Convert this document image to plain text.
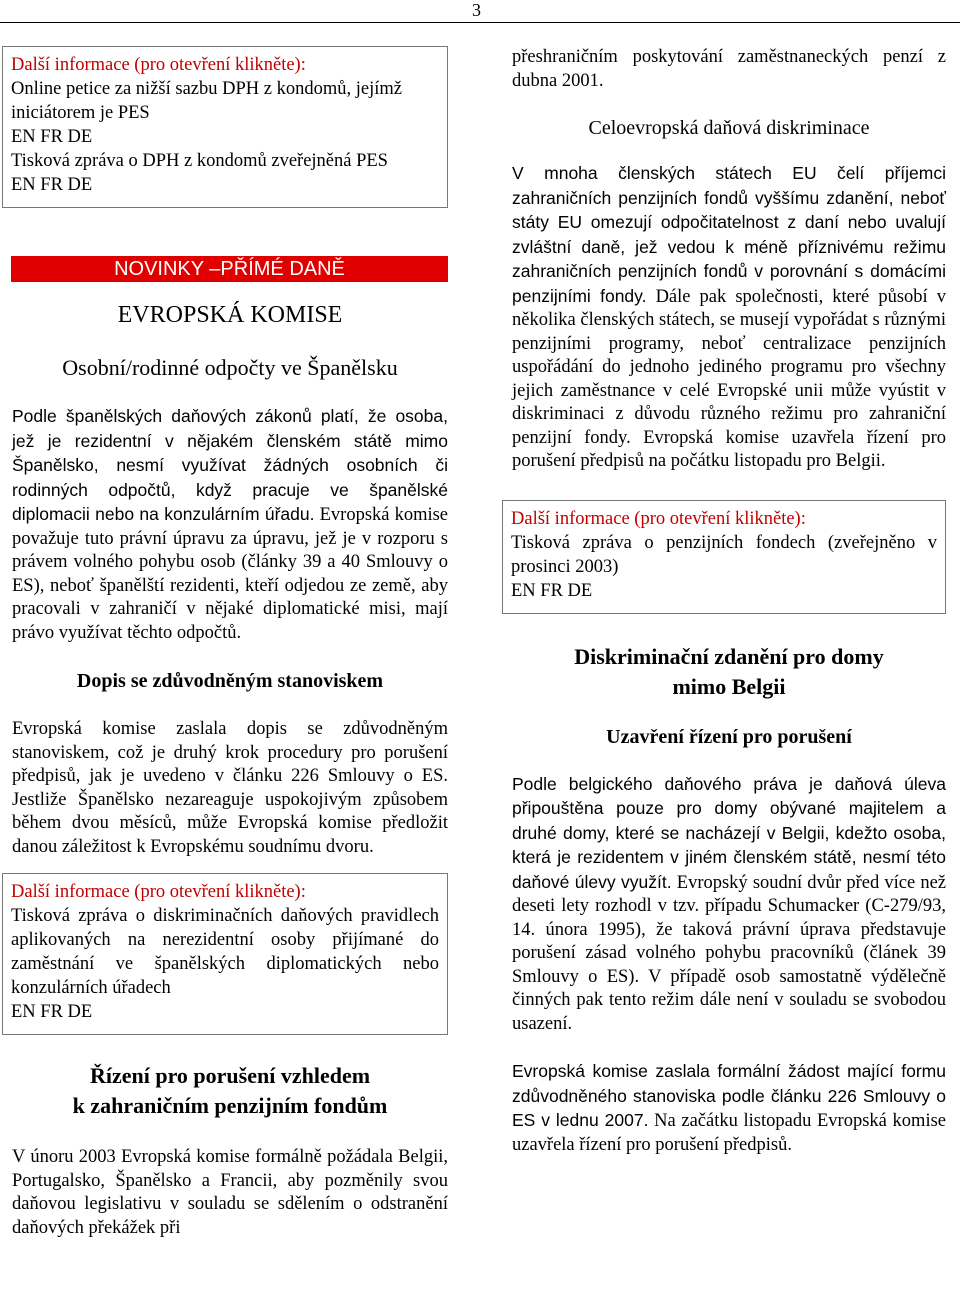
3
Další informace (pro otevření klikněte):
Online petice za nižší sazbu DPH z kondomů, jejímž iniciátorem je PES
EN FR DE
Tisková zpráva o DPH z kondomů zveřejněná PES
EN FR DE
NOVINKY –PŘÍMÉ DANĚ
EVROPSKÁ KOMISE
Osobní/rodinné odpočty ve Španělsku

Podle španělských daňových zákonů platí, že osoba, jež je rezidentní v nějakém členském státě mimo Španělsko, nesmí využívat žádných osobních či rodinných odpočtů, když pracuje ve španělské diplomacii nebo na konzulárním úřadu. Evropská komise považuje tuto právní úpravu za úpravu, jež je v rozporu s právem volného pohybu osob (články 39 a 40 Smlouvy o ES), neboť španělští rezidenti, kteří odjedou ze země, aby pracovali v zahraničí v nějaké diplomatické misi, mají právo využívat těchto odpočtů.

Dopis se zdůvodněným stanoviskem

Evropská komise zaslala dopis se zdůvodněným stanoviskem, což je druhý krok procedury pro porušení předpisů, jak je uvedeno v článku 226 Smlouvy o ES. Jestliže Španělsko nezareaguje uspokojivým způsobem během dvou měsíců, může Evropská komise předložit danou záležitost k Evropskému soudnímu dvoru.

Další informace (pro otevření klikněte):
Tisková zpráva o diskriminačních daňových pravidlech aplikovaných na nerezidentní osoby přijímané do zaměstnání ve španělských diplomatických nebo konzulárních úřadech
EN FR DE
Řízení pro porušení vzhledem
k zahraničním penzijním fondům

V únoru 2003 Evropská komise formálně požádala Belgii, Portugalsko, Španělsko a Francii, aby pozměnily svou daňovou legislativu v souladu se sdělením o odstranění daňových překážek při

přeshraničním poskytování zaměstnaneckých penzí z dubna 2001.

Celoevropská daňová diskriminace

V mnoha členských státech EU čelí příjemci zahraničních penzijních fondů vyššímu zdanění, neboť státy EU omezují odpočitatelnost z daní nebo uvalují zvláštní daně, jež vedou k méně příznivému režimu zahraničních penzijních fondů v porovnání s domácími penzijními fondy. Dále pak společnosti, které působí v několika členských státech, se musejí vypořádat s různými penzijními programy, neboť centralizace penzijních uspořádání do jednoho jediného programu pro všechny jejich zaměstnance v celé Evropské unii může vyústit v diskriminaci z důvodu různého režimu pro zahraniční penzijní fondy. Evropská komise uzavřela řízení pro porušení předpisů na počátku listopadu pro Belgii.

Další informace (pro otevření klikněte):
Tisková zpráva o penzijních fondech (zveřejněno v prosinci 2003)
EN FR DE
Diskriminační zdanění pro domy
mimo Belgii
Uzavření řízení pro porušení

Podle belgického daňového práva je daňová úleva připouštěna pouze pro domy obývané majitelem a druhé domy, které se nacházejí v Belgii, kdežto osoba, která je rezidentem v jiném členském státě, nesmí této daňové úlevy využít. Evropský soudní dvůr před více než deseti lety rozhodl v tzv. případu Schumacker (C-279/93, 14. února 1995), že taková právní úprava představuje porušení zásad volného pohybu pracovníků (článek 39 Smlouvy o ES). V případě osob samostatně výdělečně činných pak tento režim dále není v souladu se svobodou usazení.

Evropská komise zaslala formální žádost mající formu zdůvodněného stanoviska podle článku 226 Smlouvy o ES v lednu 2007. Na začátku listopadu Evropská komise uzavřela řízení pro porušení předpisů.
